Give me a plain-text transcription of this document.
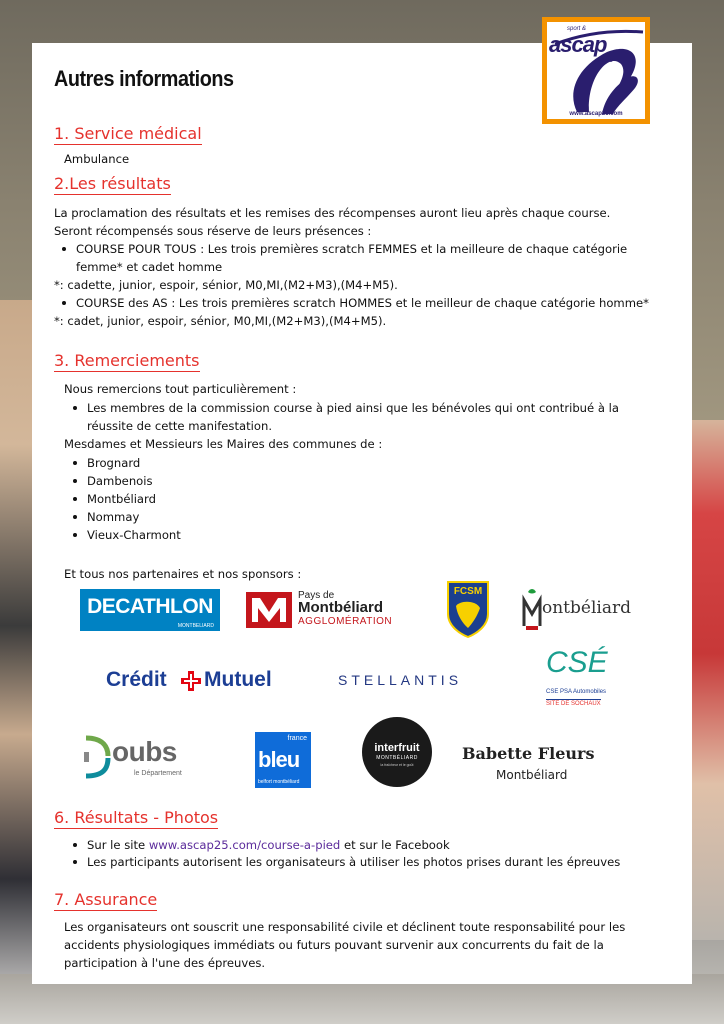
sport &
ascap
culture
www.ascap25.com
Autres informations
1. Service médical
Ambulance
2.Les résultats
La proclamation des résultats et les remises des récompenses auront lieu après chaque course.
Seront récompensés sous réserve de leurs présences :
COURSE POUR TOUS : Les trois premières scratch FEMMES et la meilleure de chaque catégorie
femme* et cadet homme
*: cadette, junior, espoir, sénior, M0,MI,(M2+M3),(M4+M5).
COURSE des AS : Les trois premières scratch HOMMES et le meilleur de chaque catégorie homme*
*: cadet, junior, espoir, sénior, M0,MI,(M2+M3),(M4+M5).
3. Remerciements
Nous remercions tout particulièrement :
Les membres de la commission course à pied ainsi que les bénévoles qui ont contribué à la
réussite de cette manifestation.
Mesdames et Messieurs les Maires des communes de :
Brognard
Dambenois
Montbéliard
Nommay
Vieux-Charmont
Et tous nos partenaires et nos sponsors :
DECATHLON
MONTBELIARD
Pays de
Montbéliard
AGGLOMÉRATION
FCSM
ontbéliard
Crédit Mutuel	STELLANTIS
CSÉ
CSE PSA Automobiles
SITE DE SOCHAUX
oubs
le Département
france
bleu
belfort montbéliard
interfruit
MONTBÉLIARD
la fraîcheur et le goût
Babette Fleurs
Montbéliard
6. Résultats - Photos
Sur le site www.ascap25.com/course-a-pied et sur le Facebook
Les participants autorisent les organisateurs à utiliser les photos prises durant les épreuves
7. Assurance
Les organisateurs ont souscrit une responsabilité civile et déclinent toute responsabilité pour les
accidents physiologiques immédiats ou futurs pouvant survenir aux concurrents du fait de la
participation à l'une des épreuves.
